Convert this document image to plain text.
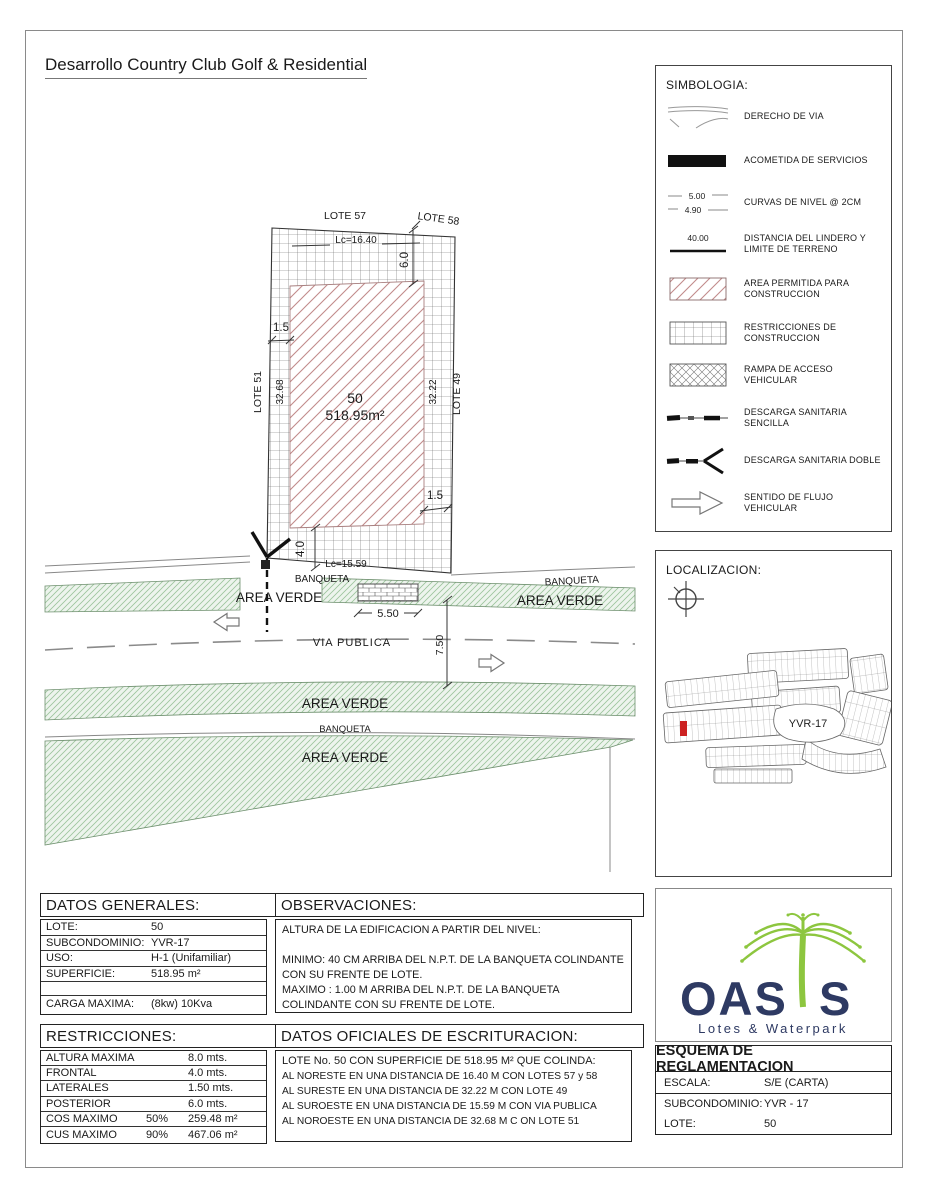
LOTE 57	LOTE 58
Lc=16.40
6.0
1.5
LOTE 51 32.68	50
518.95m²
32.22 LOTE 49
1.5
4.0
Lc=15.59
BANQUETA
AREA VERDE
BANQUETA
AREA VERDE
5.50
VIA PUBLICA	7.50
AREA VERDE
BANQUETA
AREA VERDE
Desarrollo Country Club Golf & Residential
SIMBOLOGIA:
DERECHO DE VIA
ACOMETIDA DE SERVICIOS
5.00
4.90
CURVAS DE NIVEL @ 2CM
40.00	DISTANCIA DEL LINDERO Y LIMITE DE TERRENO
AREA PERMITIDA PARA CONSTRUCCION
RESTRICCIONES DE CONSTRUCCION
RAMPA DE ACCESO VEHICULAR
DESCARGA SANITARIA SENCILLA
DESCARGA SANITARIA DOBLE
SENTIDO DE FLUJO VEHICULAR
LOCALIZACION:
YVR-17
DATOS GENERALES:
LOTE:	50
SUBCONDOMINIO: YVR-17
USO:	H-1 (Unifamiliar)
SUPERFICIE:	518.95 m²
CARGA MAXIMA:	(8kw) 10Kva
RESTRICCIONES:
ALTURA MAXIMA	8.0 mts.
FRONTAL	4.0 mts.
LATERALES	1.50 mts.
POSTERIOR	6.0 mts.
COS MAXIMO	50%	259.48 m²
CUS MAXIMO	90%	467.06 m²
OBSERVACIONES:
ALTURA DE LA EDIFICACION A PARTIR DEL NIVEL:
MINIMO: 40 CM ARRIBA DEL N.P.T. DE LA BANQUETA COLINDANTE CON SU FRENTE DE LOTE.
MAXIMO : 1.00 M ARRIBA DEL N.P.T. DE LA BANQUETA COLINDANTE CON SU FRENTE DE LOTE.
DATOS OFICIALES DE ESCRITURACION:
LOTE No. 50 CON SUPERFICIE DE 518.95 M² QUE COLINDA:
AL NORESTE EN UNA DISTANCIA DE 16.40 M CON LOTES 57 y 58
AL SURESTE EN UNA DISTANCIA DE 32.22 M CON LOTE 49
AL SUROESTE EN UNA DISTANCIA DE 15.59 M CON VIA PUBLICA
AL NOROESTE EN UNA DISTANCIA DE 32.68 M C ON LOTE 51
OAS S
Lotes & Waterpark
ESQUEMA DE REGLAMENTACION
ESCALA:	S/E (CARTA)
SUBCONDOMINIO: YVR - 17
LOTE:	50
